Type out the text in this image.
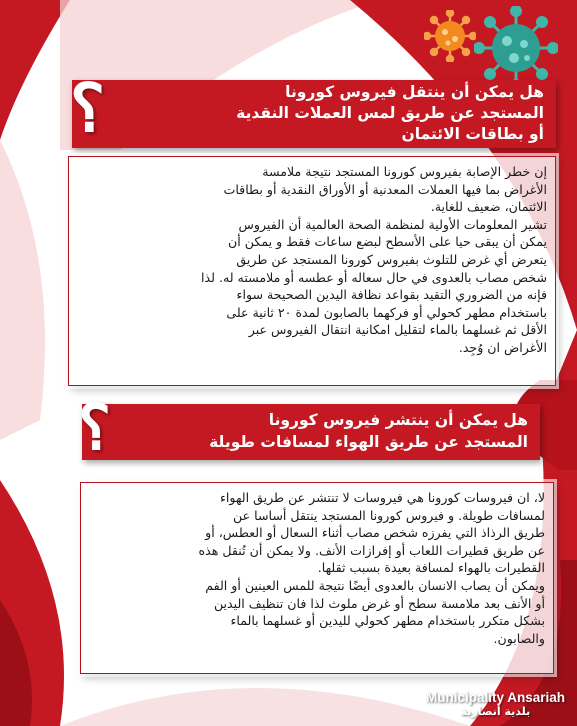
هل يمكن أن ينتقل فيروس كورونا
المستجد عن طريق لمس العملات النقدية
أو بطاقات الائتمان
؟
إن خطر الإصابة بفيروس كورونا المستجد نتيجة ملامسة
الأغراض بما فيها العملات المعدنية أو الأوراق النقدية أو بطاقات
الائتمان، ضعيف للغاية.
تشير المعلومات الأولية لمنظمة الصحة العالمية أن الفيروس
يمكن أن يبقى حيا على الأسطح لبضع ساعات فقط و يمكن أن
يتعرض أي غرض للتلوث بفيروس كورونا المستجد عن طريق
شخص مصاب بالعدوى في حال سعاله أو عطسه أو ملامسته له. لذا
فإنه من الضروري التقيد بقواعد نظافة اليدين الصحيحة سواء
باستخدام مطهر كحولي أو فركهما بالصابون لمدة ٢٠ ثانية على
الأقل ثم غسلهما بالماء لتقليل امكانية انتقال الفيروس عبر
الأغراض ان وُجِد.
هل يمكن أن ينتشر فيروس كورونا
المستجد عن طريق الهواء لمسافات طويلة
؟
لا، ان فيروسات كورونا هي فيروسات لا تنتشر عن طريق الهواء
لمسافات طويلة. و فيروس كورونا المستجد ينتقل أساسا عن
طريق الرذاذ التي يفرزه شخص مصاب أثناء السعال أو العطس، أو
عن طريق قطيرات اللعاب أو إفرازات الأنف. ولا يمكن أن تُنقل هذه
القطيرات بالهواء لمسافة بعيدة بسبب ثقلها.
ويمكن أن يصاب الانسان بالعدوى أيضًا نتيجة للمس العينين أو الفم
أو الأنف بعد ملامسة سطح أو غرض ملوث لذا فان تنظيف اليدين
بشكل متكرر باستخدام مطهر كحولي لليدين أو غسلهما بالماء
والصابون.
Municipality Ansariah
بلدية أنصارية
